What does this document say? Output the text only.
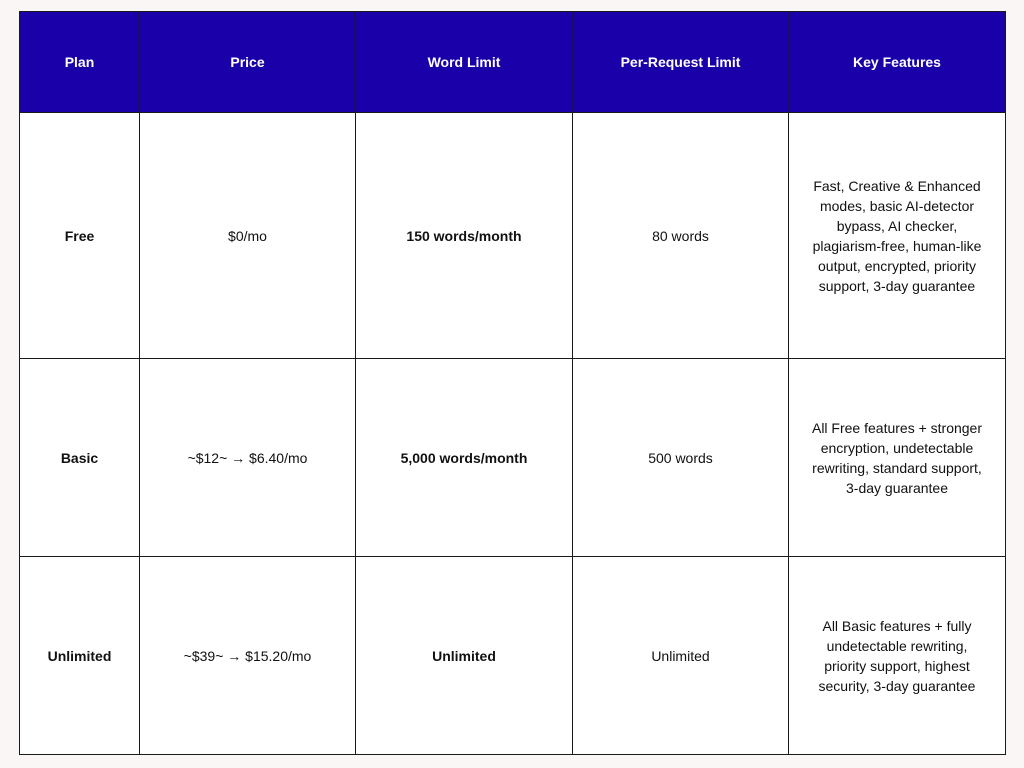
Plan	Price	Word Limit	Per-Request Limit	Key Features
Free	$0/mo	150 words/month	80 words	Fast, Creative & Enhanced modes, basic AI-detector bypass, AI checker, plagiarism-free, human-like output, encrypted, priority support, 3-day guarantee
Basic	~$12~ → $6.40/mo	5,000 words/month	500 words	All Free features + stronger encryption, undetectable rewriting, standard support, 3-day guarantee
Unlimited	~$39~ → $15.20/mo	Unlimited	Unlimited	All Basic features + fully undetectable rewriting, priority support, highest security, 3-day guarantee
